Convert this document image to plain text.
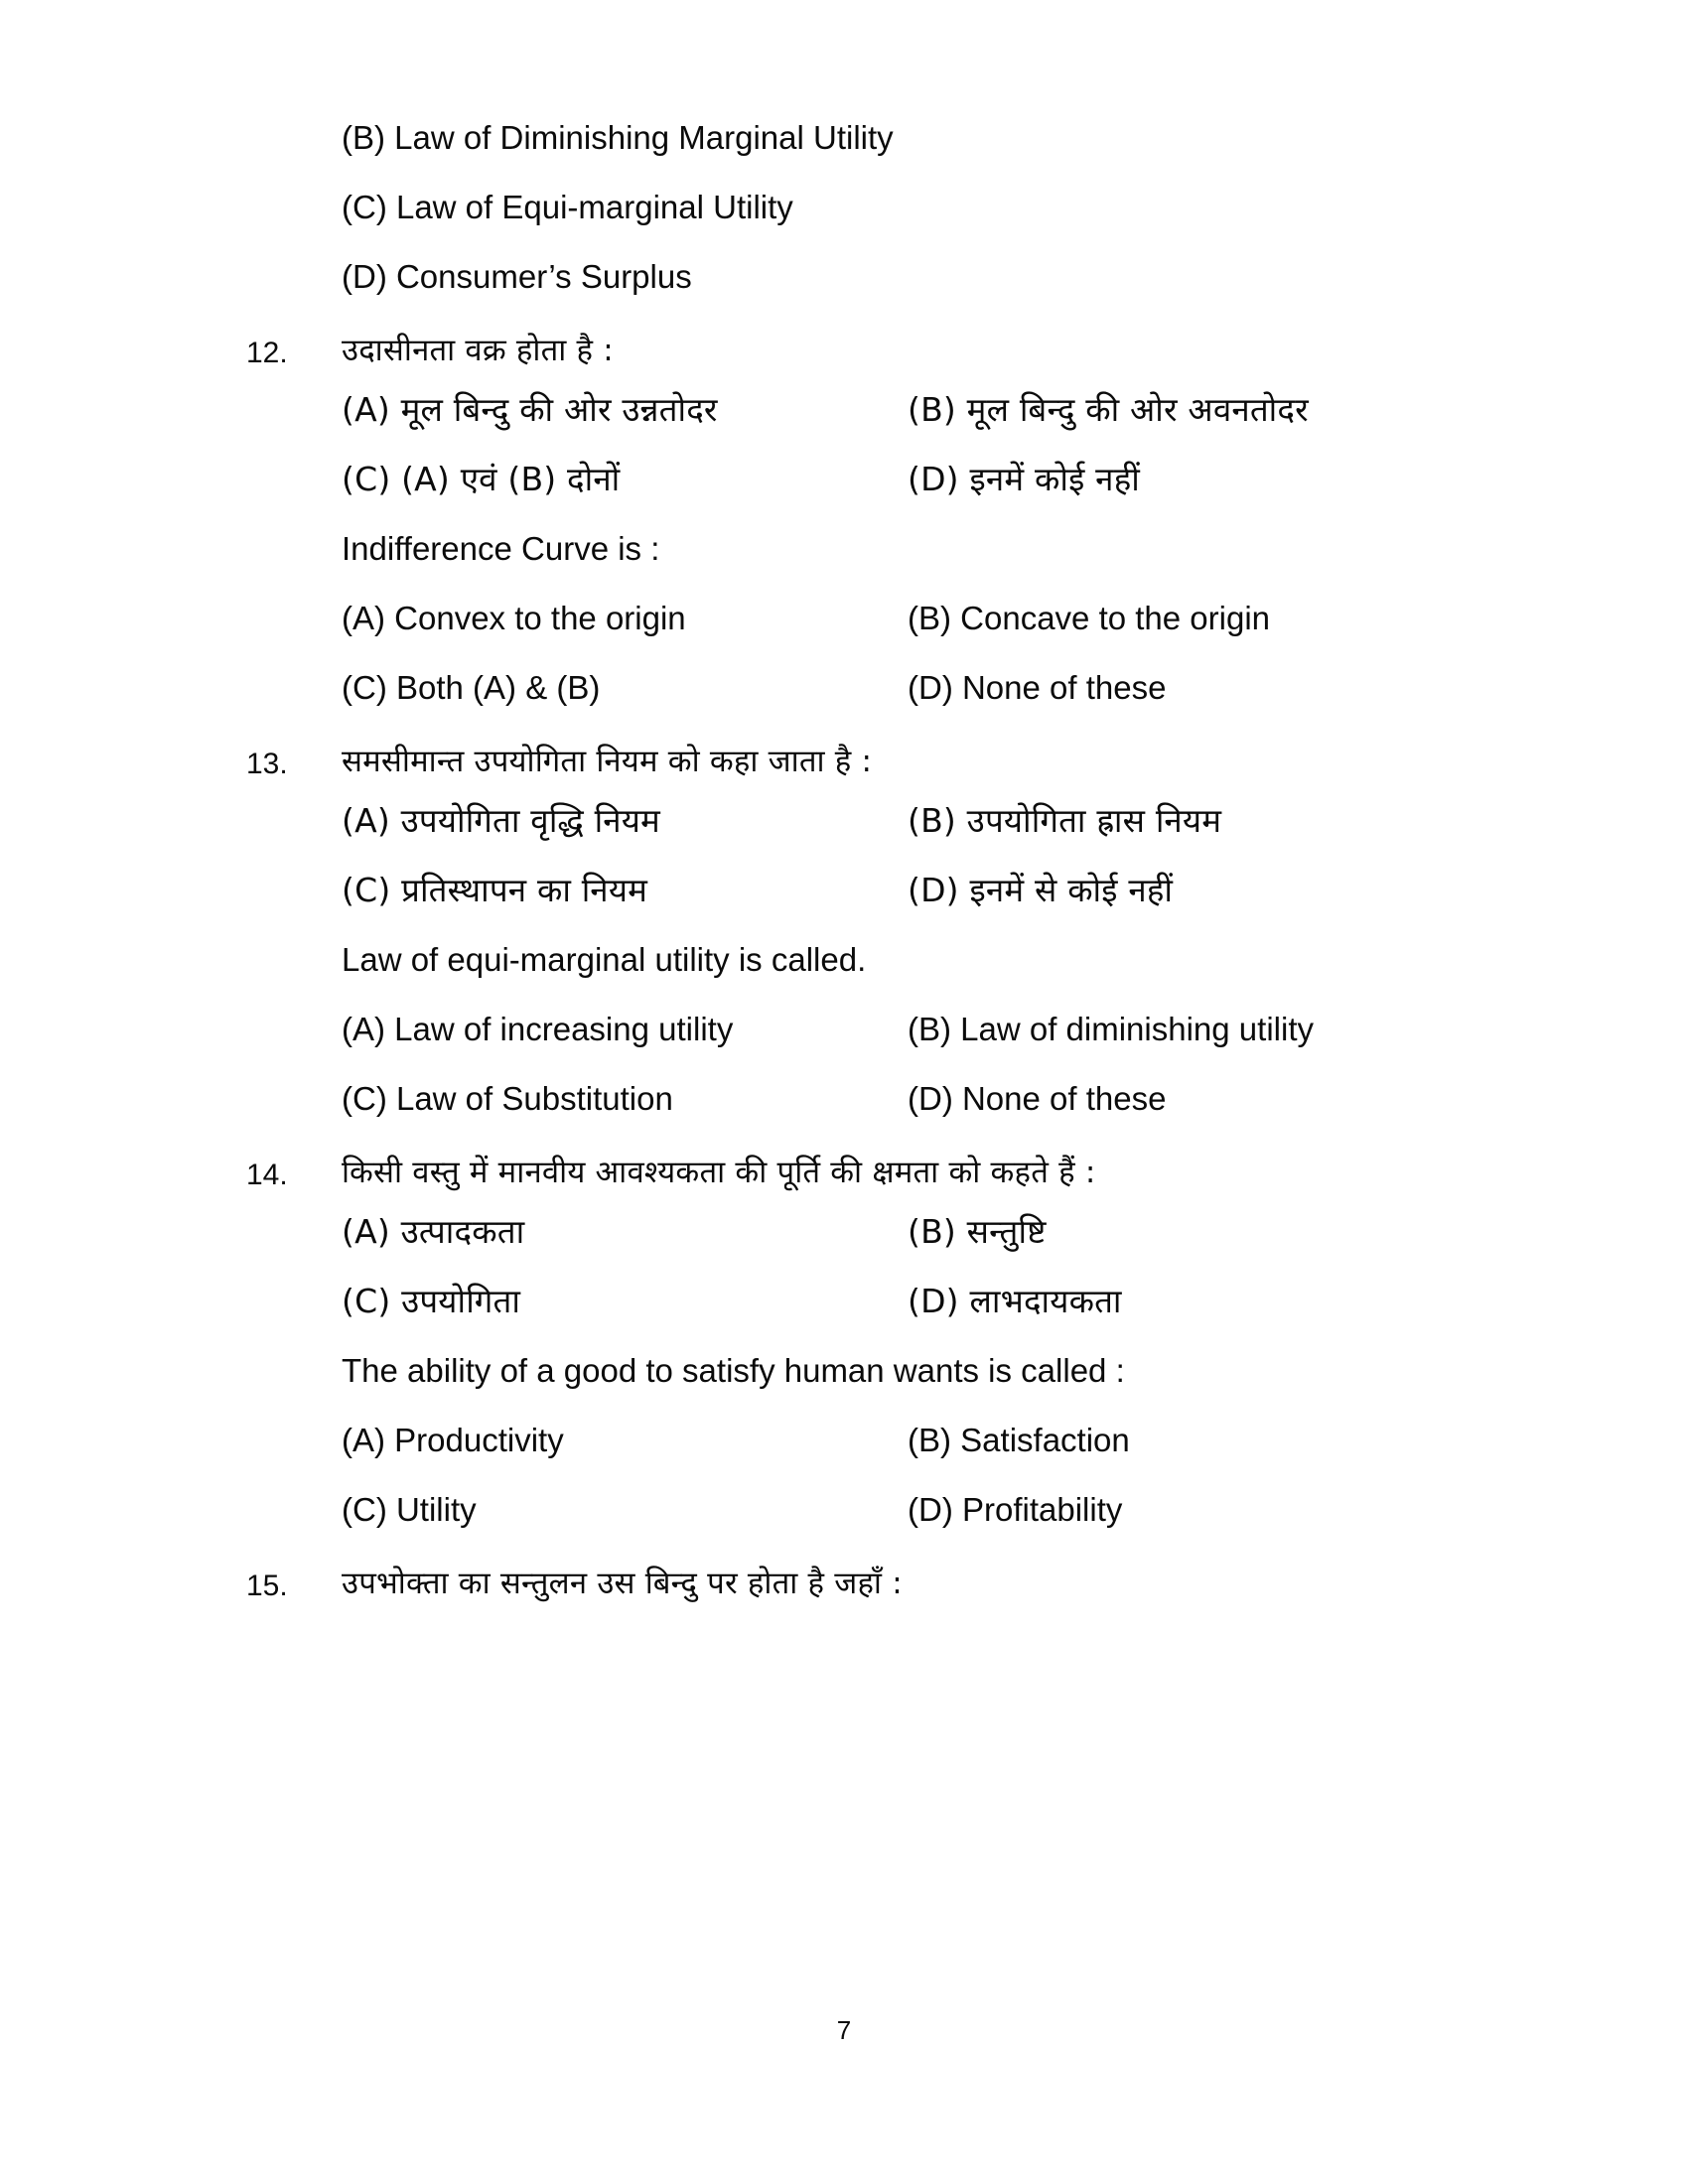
(B) Law of Diminishing Marginal Utility
(C) Law of Equi-marginal Utility
(D) Consumer’s Surplus
12.	उदासीनता वक्र होता है :
(A) मूल बिन्दु की ओर उन्नतोदर	(B) मूल बिन्दु की ओर अवनतोदर
(C) (A) एवं (B) दोनों	(D) इनमें कोई नहीं
Indifference Curve is :
(A) Convex to the origin	(B) Concave to the origin
(C) Both (A) & (B)	(D) None of these
13.	समसीमान्त उपयोगिता नियम को कहा जाता है :
(A) उपयोगिता वृद्धि नियम	(B) उपयोगिता ह्रास नियम
(C) प्रतिस्थापन का नियम	(D) इनमें से कोई नहीं
Law of equi-marginal utility is called.
(A) Law of increasing utility	(B) Law of diminishing utility
(C) Law of Substitution	(D) None of these
14.	किसी वस्तु में मानवीय आवश्यकता की पूर्ति की क्षमता को कहते हैं :
(A) उत्पादकता	(B) सन्तुष्टि
(C) उपयोगिता	(D) लाभदायकता
The ability of a good to satisfy human wants is called :
(A) Productivity	(B) Satisfaction
(C) Utility	(D) Profitability
15.	उपभोक्ता का सन्तुलन उस बिन्दु पर होता है जहाँ :
7
